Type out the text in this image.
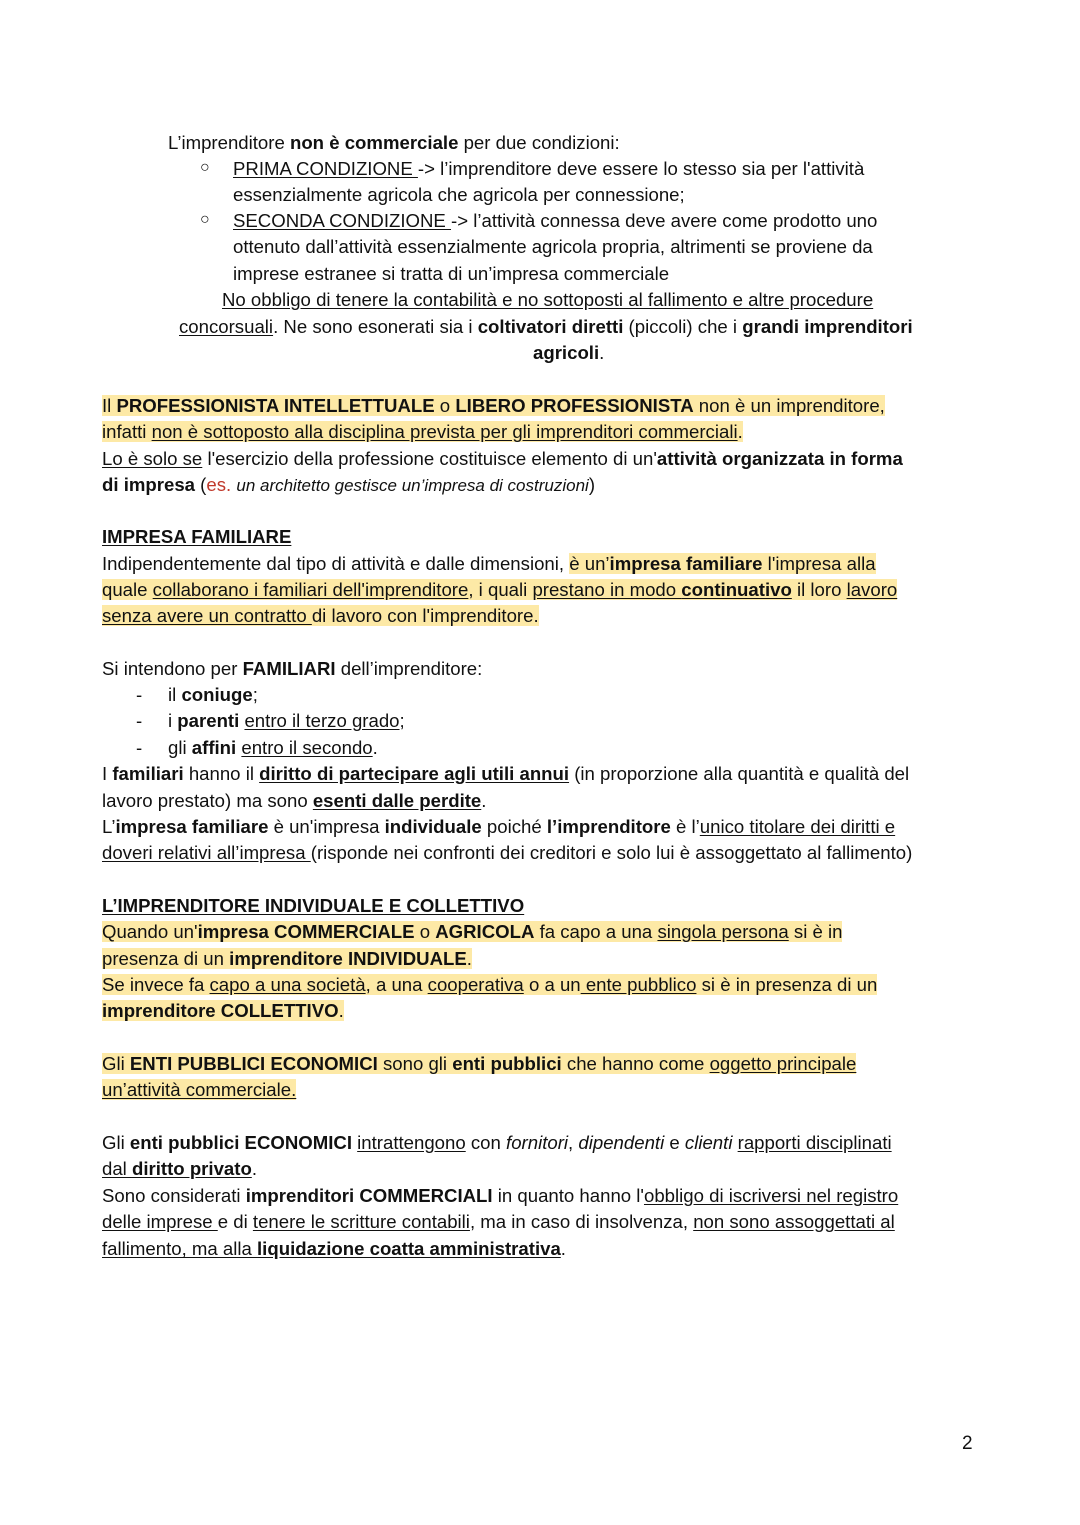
L’imprenditore non è commerciale per due condizioni:
○ PRIMA CONDIZIONE -> l’imprenditore deve essere lo stesso sia per l'attività
essenzialmente agricola che agricola per connessione;
○ SECONDA CONDIZIONE -> l’attività connessa deve avere come prodotto uno
ottenuto dall’attività essenzialmente agricola propria, altrimenti se proviene da
imprese estranee si tratta di un’impresa commerciale
No obbligo di tenere la contabilità e no sottoposti al fallimento e altre procedure
concorsuali. Ne sono esonerati sia i coltivatori diretti (piccoli) che i grandi imprenditori
agricoli.
Il PROFESSIONISTA INTELLETTUALE o LIBERO PROFESSIONISTA non è un imprenditore,
infatti non è sottoposto alla disciplina prevista per gli imprenditori commerciali.
Lo è solo se l'esercizio della professione costituisce elemento di un'attività organizzata in forma
di impresa (es. un architetto gestisce un’impresa di costruzioni)
IMPRESA FAMILIARE
Indipendentemente dal tipo di attività e dalle dimensioni, è un’impresa familiare l'impresa alla
quale collaborano i familiari dell'imprenditore, i quali prestano in modo continuativo il loro lavoro
senza avere un contratto di lavoro con l'imprenditore.
Si intendono per FAMILIARI dell’imprenditore:
- il coniuge;
- i parenti entro il terzo grado;
- gli affini entro il secondo.
I familiari hanno il diritto di partecipare agli utili annui (in proporzione alla quantità e qualità del
lavoro prestato) ma sono esenti dalle perdite.
L’impresa familiare è un'impresa individuale poiché l’imprenditore è l’unico titolare dei diritti e
doveri relativi all’impresa (risponde nei confronti dei creditori e solo lui è assoggettato al fallimento)
L’IMPRENDITORE INDIVIDUALE E COLLETTIVO
Quando un'impresa COMMERCIALE o AGRICOLA fa capo a una singola persona si è in
presenza di un imprenditore INDIVIDUALE.
Se invece fa capo a una società, a una cooperativa o a un ente pubblico si è in presenza di un
imprenditore COLLETTIVO.
Gli ENTI PUBBLICI ECONOMICI sono gli enti pubblici che hanno come oggetto principale
un’attività commerciale.
Gli enti pubblici ECONOMICI intrattengono con fornitori, dipendenti e clienti rapporti disciplinati
dal diritto privato.
Sono considerati imprenditori COMMERCIALI in quanto hanno l'obbligo di iscriversi nel registro
delle imprese e di tenere le scritture contabili, ma in caso di insolvenza, non sono assoggettati al
fallimento, ma alla liquidazione coatta amministrativa.
2
